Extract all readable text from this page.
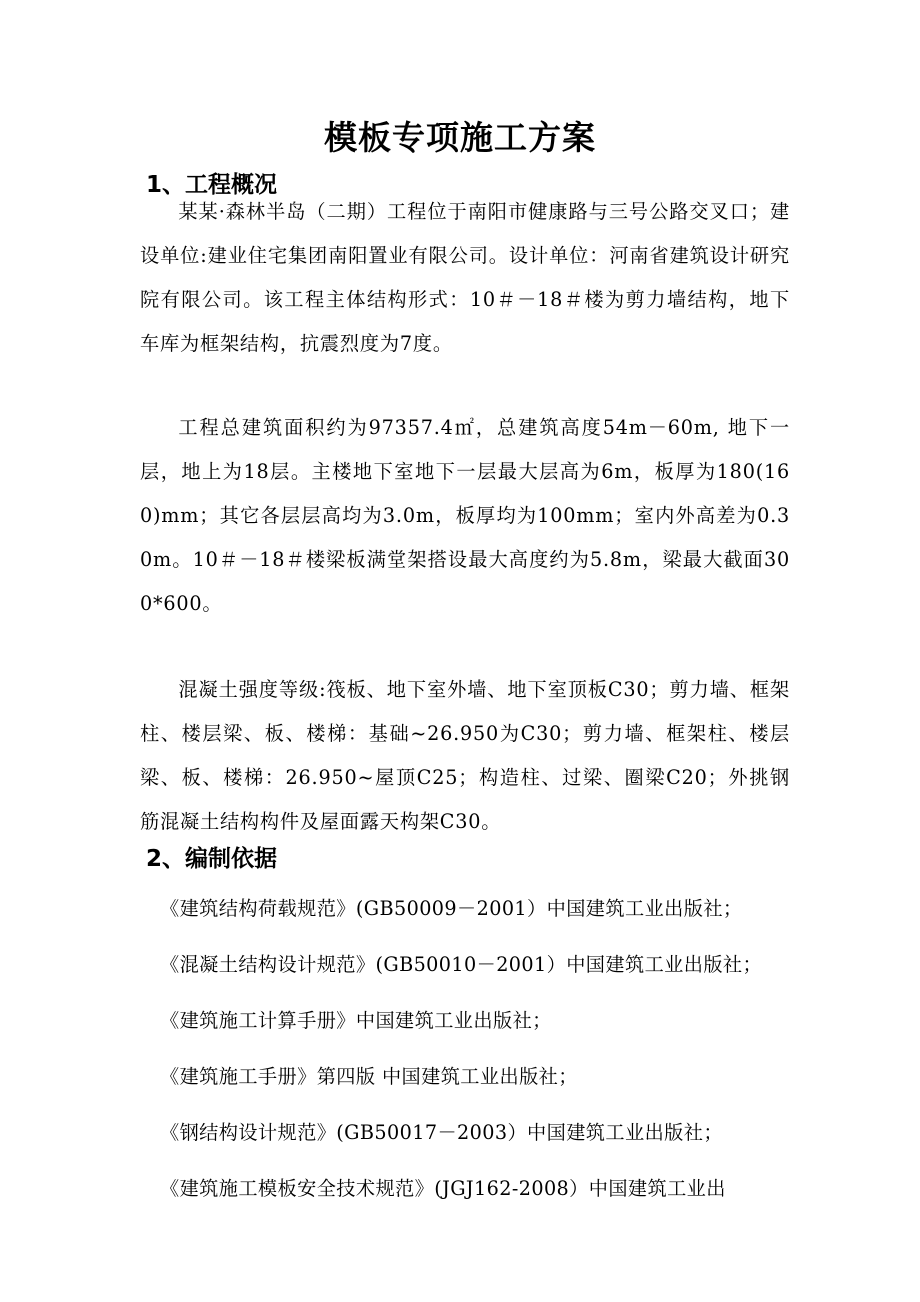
模板专项施工方案
1、工程概况

某某·森林半岛（二期）工程位于南阳市健康路与三号公路交叉口；建设单位:建业住宅集团南阳置业有限公司。设计单位：河南省建筑设计研究院有限公司。该工程主体结构形式：10＃－18＃楼为剪力墙结构，地下车库为框架结构，抗震烈度为7度。

工程总建筑面积约为97357.4㎡，总建筑高度54m－60m, 地下一层，地上为18层。主楼地下室地下一层最大层高为6m，板厚为180(160)mm；其它各层层高均为3.0m，板厚均为100mm；室内外高差为0.30m。10＃－18＃楼梁板满堂架搭设最大高度约为5.8m，梁最大截面300*600。

混凝土强度等级:筏板、地下室外墙、地下室顶板C30；剪力墙、框架柱、楼层梁、板、楼梯：基础~26.950为C30；剪力墙、框架柱、楼层梁、板、楼梯：26.950~屋顶C25；构造柱、过梁、圈梁C20；外挑钢筋混凝土结构构件及屋面露天构架C30。

2、编制依据
《建筑结构荷载规范》(GB50009－2001）中国建筑工业出版社；
《混凝土结构设计规范》(GB50010－2001）中国建筑工业出版社；
《建筑施工计算手册》中国建筑工业出版社；
《建筑施工手册》第四版 中国建筑工业出版社；
《钢结构设计规范》(GB50017－2003）中国建筑工业出版社；
《建筑施工模板安全技术规范》(JGJ162-2008）中国建筑工业出
